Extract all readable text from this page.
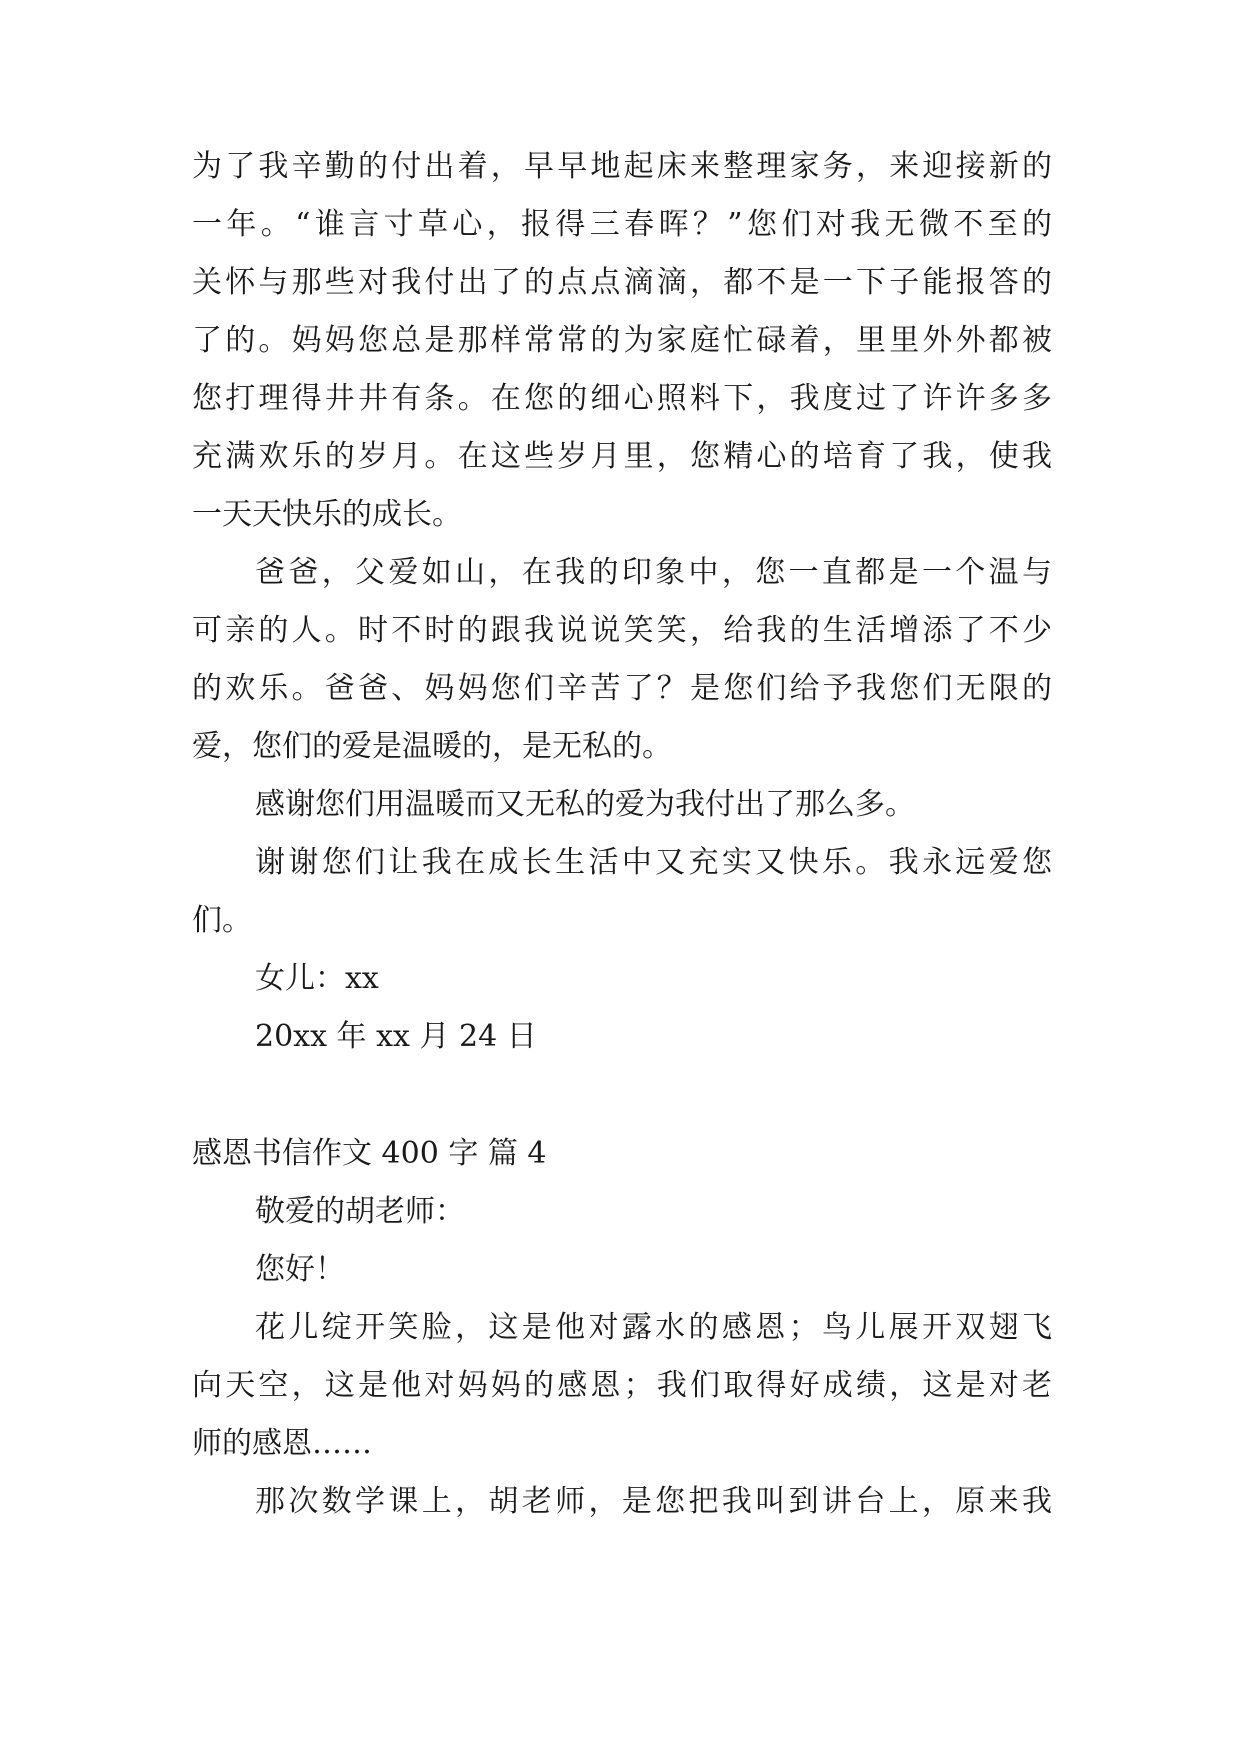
为了我辛勤的付出着，早早地起床来整理家务，来迎接新的
一年。“谁言寸草心，报得三春晖？”您们对我无微不至的
关怀与那些对我付出了的点点滴滴，都不是一下子能报答的
了的。妈妈您总是那样常常的为家庭忙碌着，里里外外都被
您打理得井井有条。在您的细心照料下，我度过了许许多多
充满欢乐的岁月。在这些岁月里，您精心的培育了我，使我
一天天快乐的成长。
爸爸，父爱如山，在我的印象中，您一直都是一个温与
可亲的人。时不时的跟我说说笑笑，给我的生活增添了不少
的欢乐。爸爸、妈妈您们辛苦了？是您们给予我您们无限的
爱，您们的爱是温暖的，是无私的。
感谢您们用温暖而又无私的爱为我付出了那么多。
谢谢您们让我在成长生活中又充实又快乐。我永远爱您
们。
女儿：xx
20xx 年 xx 月 24 日
感恩书信作文 400 字 篇 4
敬爱的胡老师：
您好！
花儿绽开笑脸，这是他对露水的感恩；鸟儿展开双翅飞
向天空，这是他对妈妈的感恩；我们取得好成绩，这是对老
师的感恩……
那次数学课上，胡老师，是您把我叫到讲台上，原来我
